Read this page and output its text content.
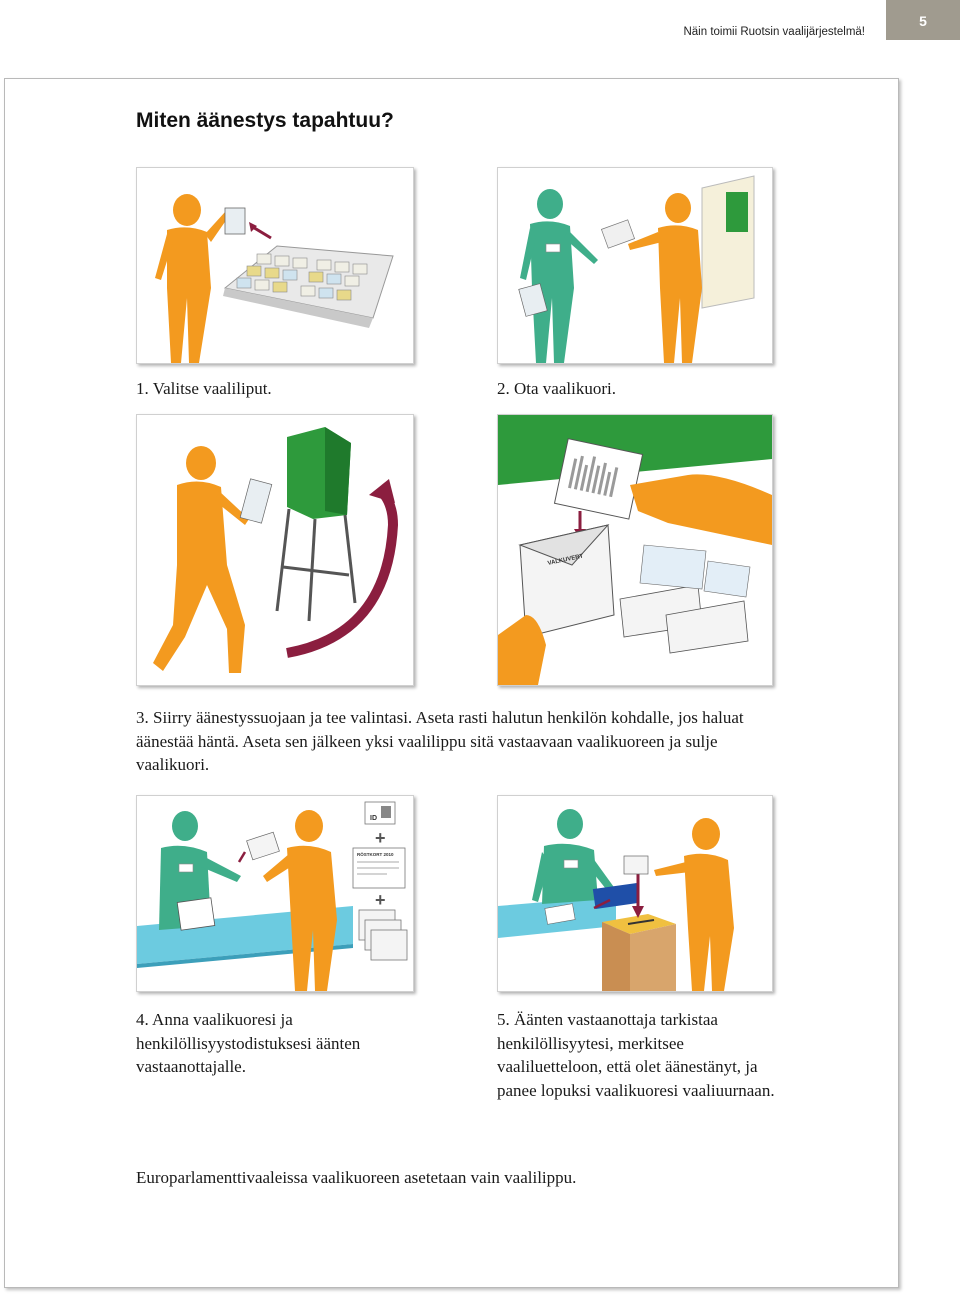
Näin toimii Ruotsin vaalijärjestelmä!
5
Miten äänestys tapahtuu?
1. Valitse vaaliliput.	2. Ota vaalikuori.
VALKUVERT

3. Siirry äänestyssuojaan ja tee valintasi. Aseta rasti halutun henkilön kohdalle, jos haluat äänestää häntä. Aseta sen jälkeen yksi vaalilippu sitä vastaavaan vaalikuoreen ja sulje vaalikuori.

ID
+
RÖSTKORT 2010
+

4. Anna vaalikuoresi ja henkilöllisyystodistuksesi äänten vastaanottajalle.

5. Äänten vastaanottaja tarkistaa henkilöllisyytesi, merkitsee vaaliluetteloon, että olet äänestänyt, ja panee lopuksi vaalikuoresi vaaliuurnaan.

Europarlamenttivaaleissa vaalikuoreen asetetaan vain vaalilippu.
